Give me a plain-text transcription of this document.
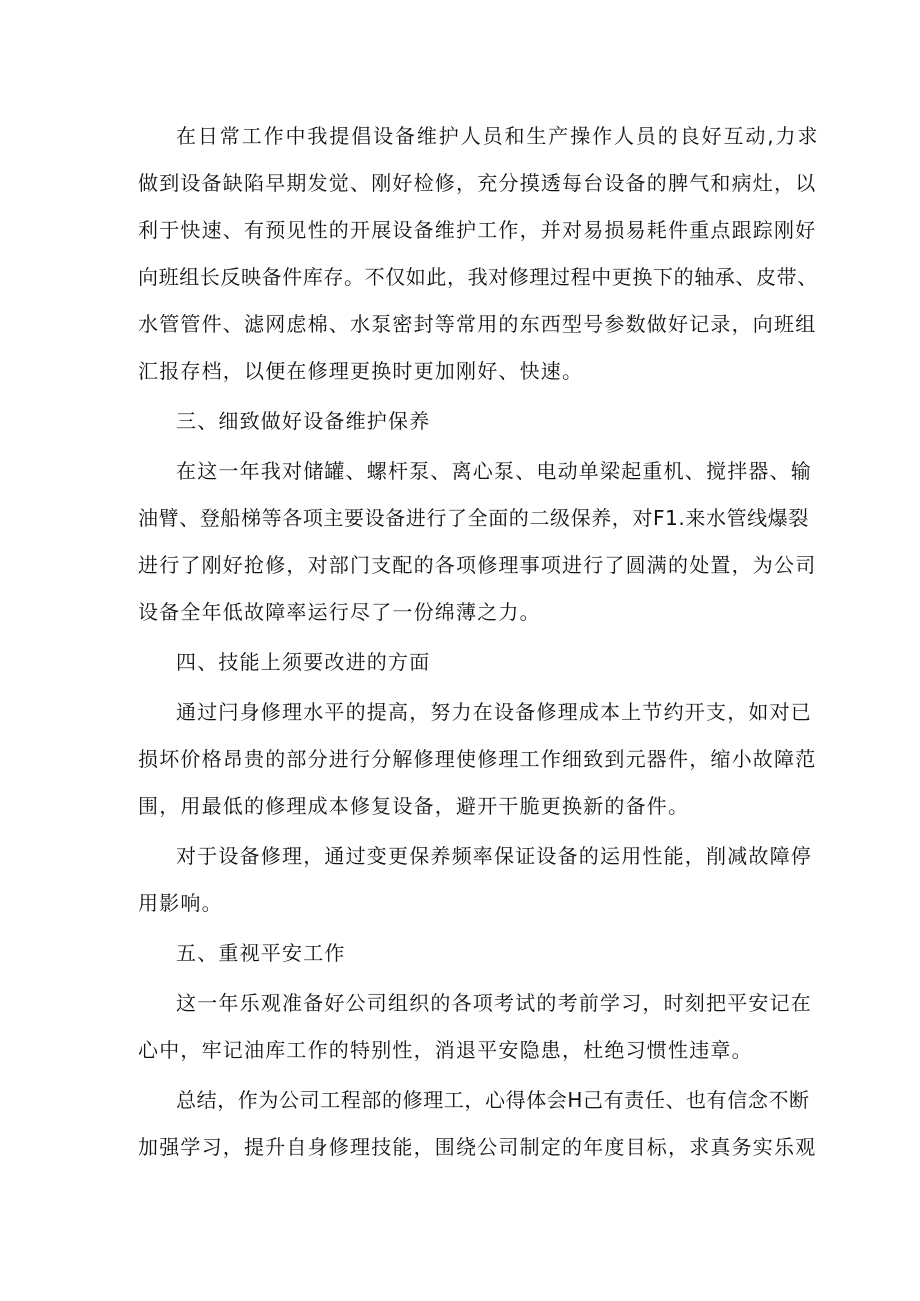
在日常工作中我提倡设备维护人员和生产操作人员的良好互动,力求
做到设备缺陷早期发觉、刚好检修，充分摸透每台设备的脾气和病灶，以
利于快速、有预见性的开展设备维护工作，并对易损易耗件重点跟踪刚好
向班组长反映备件库存。不仅如此，我对修理过程中更换下的轴承、皮带、
水管管件、滤网虑棉、水泵密封等常用的东西型号参数做好记录，向班组
汇报存档，以便在修理更换时更加刚好、快速。
三、细致做好设备维护保养
在这一年我对储罐、螺杆泵、离心泵、电动单梁起重机、搅拌器、输
油臂、登船梯等各项主要设备进行了全面的二级保养，对F1.来水管线爆裂
进行了刚好抢修，对部门支配的各项修理事项进行了圆满的处置，为公司
设备全年低故障率运行尽了一份绵薄之力。
四、技能上须要改进的方面
通过闩身修理水平的提高，努力在设备修理成本上节约开支，如对已
损坏价格昂贵的部分进行分解修理使修理工作细致到元器件，缩小故障范
围，用最低的修理成本修复设备，避开干脆更换新的备件。
对于设备修理，通过变更保养频率保证设备的运用性能，削减故障停
用影响。
五、重视平安工作
这一年乐观准备好公司组织的各项考试的考前学习，时刻把平安记在
心中，牢记油库工作的特别性，消退平安隐患，杜绝习惯性违章。
总结，作为公司工程部的修理工，心得体会H己有责任、也有信念不断
加强学习，提升自身修理技能，围绕公司制定的年度目标，求真务实乐观
